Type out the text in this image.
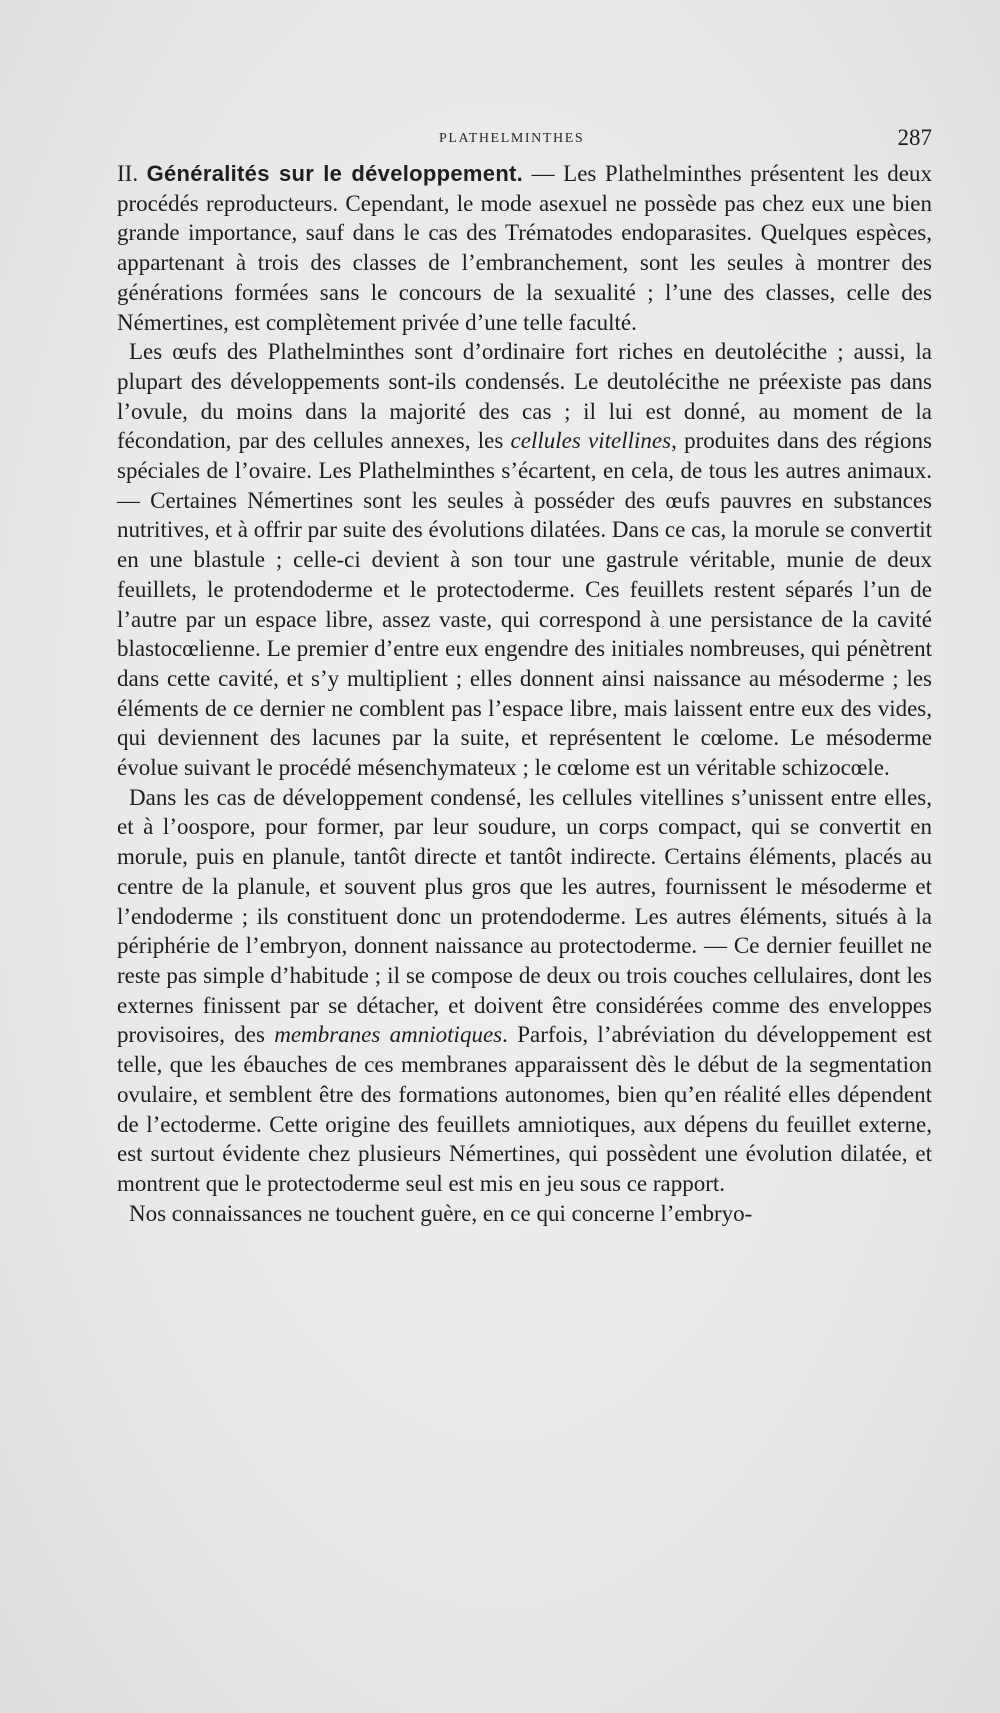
PLATHELMINTHES	287

II. Généralités sur le développement. — Les Plathelminthes présentent les deux procédés reproducteurs. Cependant, le mode asexuel ne possède pas chez eux une bien grande importance, sauf dans le cas des Trématodes endoparasites. Quelques espèces, appartenant à trois des classes de l’embranchement, sont les seules à montrer des générations formées sans le concours de la sexualité ; l’une des classes, celle des Némertines, est complètement privée d’une telle faculté.

Les œufs des Plathelminthes sont d’ordinaire fort riches en deutolécithe ; aussi, la plupart des développements sont-ils condensés. Le deutolécithe ne préexiste pas dans l’ovule, du moins dans la majorité des cas ; il lui est donné, au moment de la fécondation, par des cellules annexes, les cellules vitellines, produites dans des régions spéciales de l’ovaire. Les Plathelminthes s’écartent, en cela, de tous les autres animaux. — Certaines Némertines sont les seules à posséder des œufs pauvres en substances nutritives, et à offrir par suite des évolutions dilatées. Dans ce cas, la morule se convertit en une blastule ; celle-ci devient à son tour une gastrule véritable, munie de deux feuillets, le protendoderme et le protectoderme. Ces feuillets restent séparés l’un de l’autre par un espace libre, assez vaste, qui correspond à une persistance de la cavité blastocœlienne. Le premier d’entre eux engendre des initiales nombreuses, qui pénètrent dans cette cavité, et s’y multiplient ; elles donnent ainsi naissance au mésoderme ; les éléments de ce dernier ne comblent pas l’espace libre, mais laissent entre eux des vides, qui deviennent des lacunes par la suite, et représentent le cœlome. Le mésoderme évolue suivant le procédé mésenchymateux ; le cœlome est un véritable schizocœle.

Dans les cas de développement condensé, les cellules vitellines s’unissent entre elles, et à l’oospore, pour former, par leur soudure, un corps compact, qui se convertit en morule, puis en planule, tantôt directe et tantôt indirecte. Certains éléments, placés au centre de la planule, et souvent plus gros que les autres, fournissent le mésoderme et l’endoderme ; ils constituent donc un protendoderme. Les autres éléments, situés à la périphérie de l’embryon, donnent naissance au protectoderme. — Ce dernier feuillet ne reste pas simple d’habitude ; il se compose de deux ou trois couches cellulaires, dont les externes finissent par se détacher, et doivent être considérées comme des enveloppes provisoires, des membranes amniotiques. Parfois, l’abréviation du développement est telle, que les ébauches de ces membranes apparaissent dès le début de la segmentation ovulaire, et semblent être des formations autonomes, bien qu’en réalité elles dépendent de l’ectoderme. Cette origine des feuillets amniotiques, aux dépens du feuillet externe, est surtout évidente chez plusieurs Némertines, qui possèdent une évolution dilatée, et montrent que le protectoderme seul est mis en jeu sous ce rapport.

Nos connaissances ne touchent guère, en ce qui concerne l’embryo-
